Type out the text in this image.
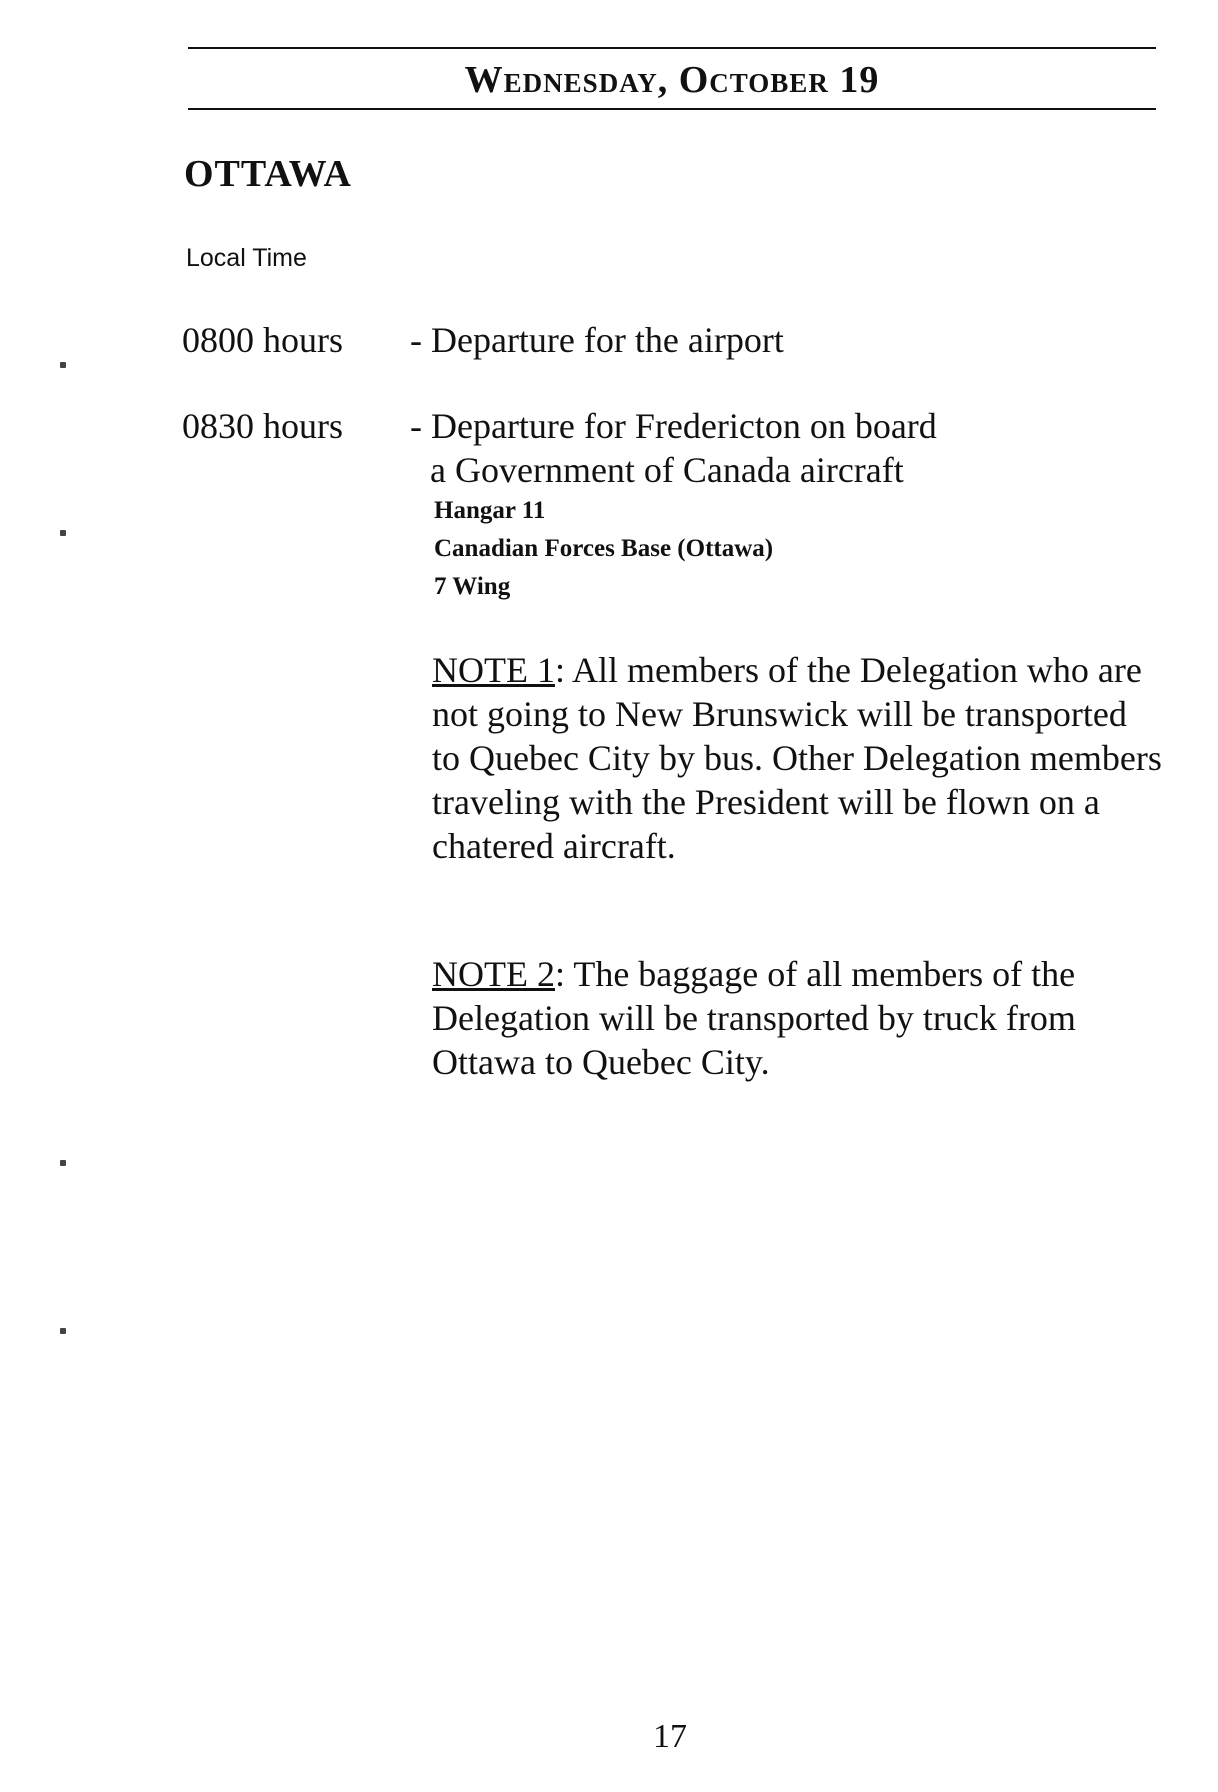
Wednesday, October 19
OTTAWA
Local Time
0800 hours - Departure for the airport
0830 hours - Departure for Fredericton on board
a Government of Canada aircraft
Hangar 11
Canadian Forces Base (Ottawa)
7 Wing
NOTE 1: All members of the Delegation who are not going to New Brunswick will be transported to Quebec City by bus. Other Delegation members traveling with the President will be flown on a chatered aircraft.
NOTE 2: The baggage of all members of the Delegation will be transported by truck from Ottawa to Quebec City.
17
